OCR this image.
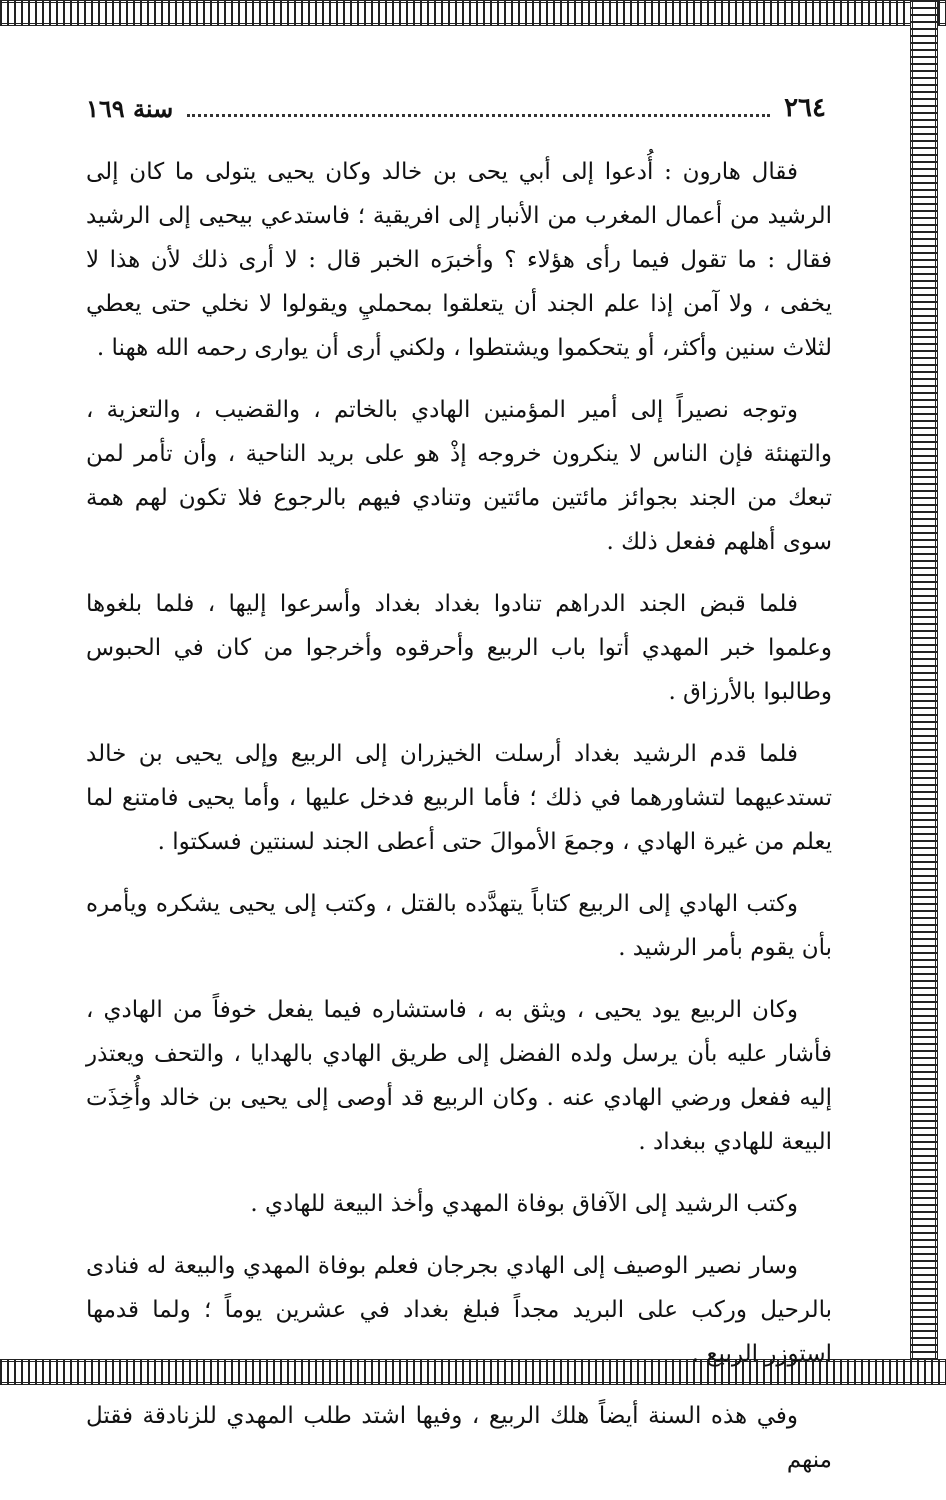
٢٦٤
سنة ١٦٩

فقال هارون : أُدعوا إلى أبي يحى بن خالد وكان يحيى يتولى ما كان إلى الرشيد من أعمال المغرب من الأنبار إلى افريقية ؛ فاستدعي بيحيى إلى الرشيد فقال : ما تقول فيما رأى هؤلاء ؟ وأخبرَه الخبر قال : لا أرى ذلك لأن هذا لا يخفى ، ولا آمن إذا علم الجند أن يتعلقوا بمحمليِ ويقولوا لا نخلي حتى يعطي لثلاث سنين وأكثر، أو يتحكموا ويشتطوا ، ولكني أرى أن يوارى رحمه الله ههنا .

وتوجه نصيراً إلى أمير المؤمنين الهادي بالخاتم ، والقضيب ، والتعزية ، والتهنئة فإن الناس لا ينكرون خروجه إذْ هو على بريد الناحية ، وأن تأمر لمن تبعك من الجند بجوائز مائتين مائتين وتنادي فيهم بالرجوع فلا تكون لهم همة سوى أهلهم ففعل ذلك .

فلما قبض الجند الدراهم تنادوا بغداد بغداد وأسرعوا إليها ، فلما بلغوها وعلموا خبر المهدي أتوا باب الربيع وأحرقوه وأخرجوا من كان في الحبوس وطالبوا بالأرزاق .

فلما قدم الرشيد بغداد أرسلت الخيزران إلى الربيع وإلى يحيى بن خالد تستدعيهما لتشاورهما في ذلك ؛ فأما الربيع فدخل عليها ، وأما يحيى فامتنع لما يعلم من غيرة الهادي ، وجمعَ الأموالَ حتى أعطى الجند لسنتين فسكتوا .

وكتب الهادي إلى الربيع كتاباً يتهدَّده بالقتل ، وكتب إلى يحيى يشكره ويأمره بأن يقوم بأمر الرشيد .

وكان الربيع يود يحيى ، ويثق به ، فاستشاره فيما يفعل خوفاً من الهادي ، فأشار عليه بأن يرسل ولده الفضل إلى طريق الهادي بالهدايا ، والتحف ويعتذر إليه ففعل ورضي الهادي عنه . وكان الربيع قد أوصى إلى يحيى بن خالد وأُخِذَت البيعة للهادي ببغداد .

وكتب الرشيد إلى الآفاق بوفاة المهدي وأخذ البيعة للهادي .

وسار نصير الوصيف إلى الهادي بجرجان فعلم بوفاة المهدي والبيعة له فنادى بالرحيل وركب على البريد مجداً فبلغ بغداد في عشرين يوماً ؛ ولما قدمها استوزر الربيع .

وفي هذه السنة أيضاً هلك الربيع ، وفيها اشتد طلب المهدي للزنادقة فقتل منهم
